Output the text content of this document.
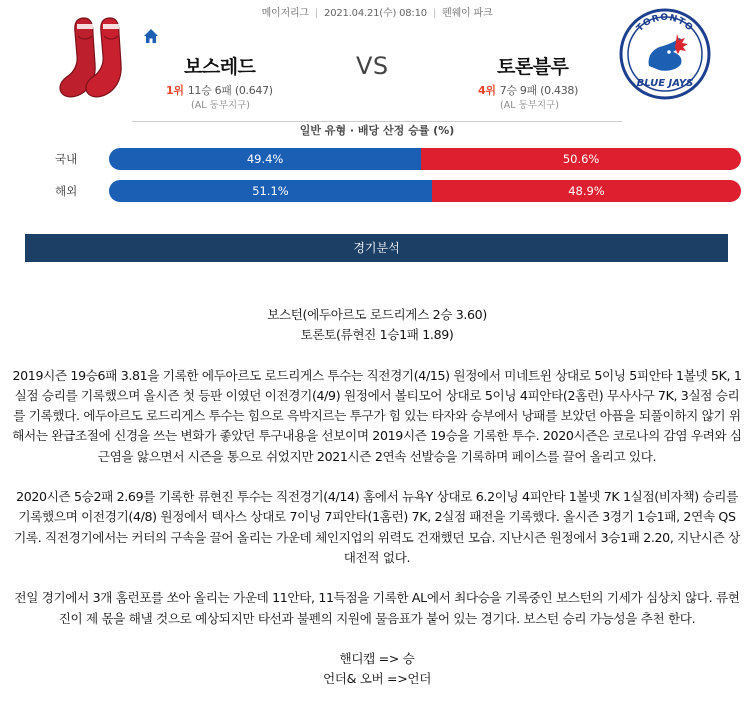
메이저리그 | 2021.04.21(수) 08:10 | 펜웨이 파크
보스레드	VS	토론블루
1위 11승 6패 (0.647)
(AL 동부지구)
4위 7승 9패 (0.438)
(AL 동부지구)
TORONTO
BLUE JAYS
일반 유형 · 배당 산정 승률 (%)
국내	49.4%	50.6%
해외	51.1%	48.9%
경기분석

보스턴(에두아르도 로드리게스 2승 3.60)

토론토(류현진 1승1패 1.89)

2019시즌 19승6패 3.81을 기록한 에두아르도 로드리게스 투수는 직전경기(4/15) 원정에서 미네트윈 상대로 5이닝 5피안타 1볼넷 5K, 1실점 승리를 기록했으며 올시즌 첫 등판 이였던 이전경기(4/9) 원정에서 볼티모어 상대로 5이닝 4피안타(2홈런) 무사사구 7K, 3실점 승리를 기록했다. 에두아르도 로드리게스 투수는 힘으로 윽박지르는 투구가 힘 있는 타자와 승부에서 낭패를 보았던 아픔을 되풀이하지 않기 위해서는 완급조절에 신경을 쓰는 변화가 좋았던 투구내용을 선보이며 2019시즌 19승을 기록한 투수. 2020시즌은 코로나의 감염 우려와 심근염을 앓으면서 시즌을 통으로 쉬었지만 2021시즌 2연속 선발승을 기록하며 페이스를 끌어 올리고 있다.

2020시즌 5승2패 2.69를 기록한 류현진 투수는 직전경기(4/14) 홈에서 뉴욕Y 상대로 6.2이닝 4피안타 1볼넷 7K 1실점(비자책) 승리를 기록했으며 이전경기(4/8) 원정에서 텍사스 상대로 7이닝 7피안타(1홈런) 7K, 2실점 패전을 기록했다. 올시즌 3경기 1승1패, 2연속 QS 기록. 직전경기에서는 커터의 구속을 끌어 올리는 가운데 체인지업의 위력도 건재했던 모습. 지난시즌 원정에서 3승1패 2.20, 지난시즌 상대전적 없다.

전일 경기에서 3개 홈런포를 쏘아 올리는 가운데 11안타, 11득점을 기록한 AL에서 최다승을 기록중인 보스턴의 기세가 심상치 않다. 류현진이 제 몫을 해낼 것으로 예상되지만 타선과 불펜의 지원에 물음표가 붙어 있는 경기다. 보스턴 승리 가능성을 추천 한다.

핸디캡 => 승

언더& 오버 =>언더
